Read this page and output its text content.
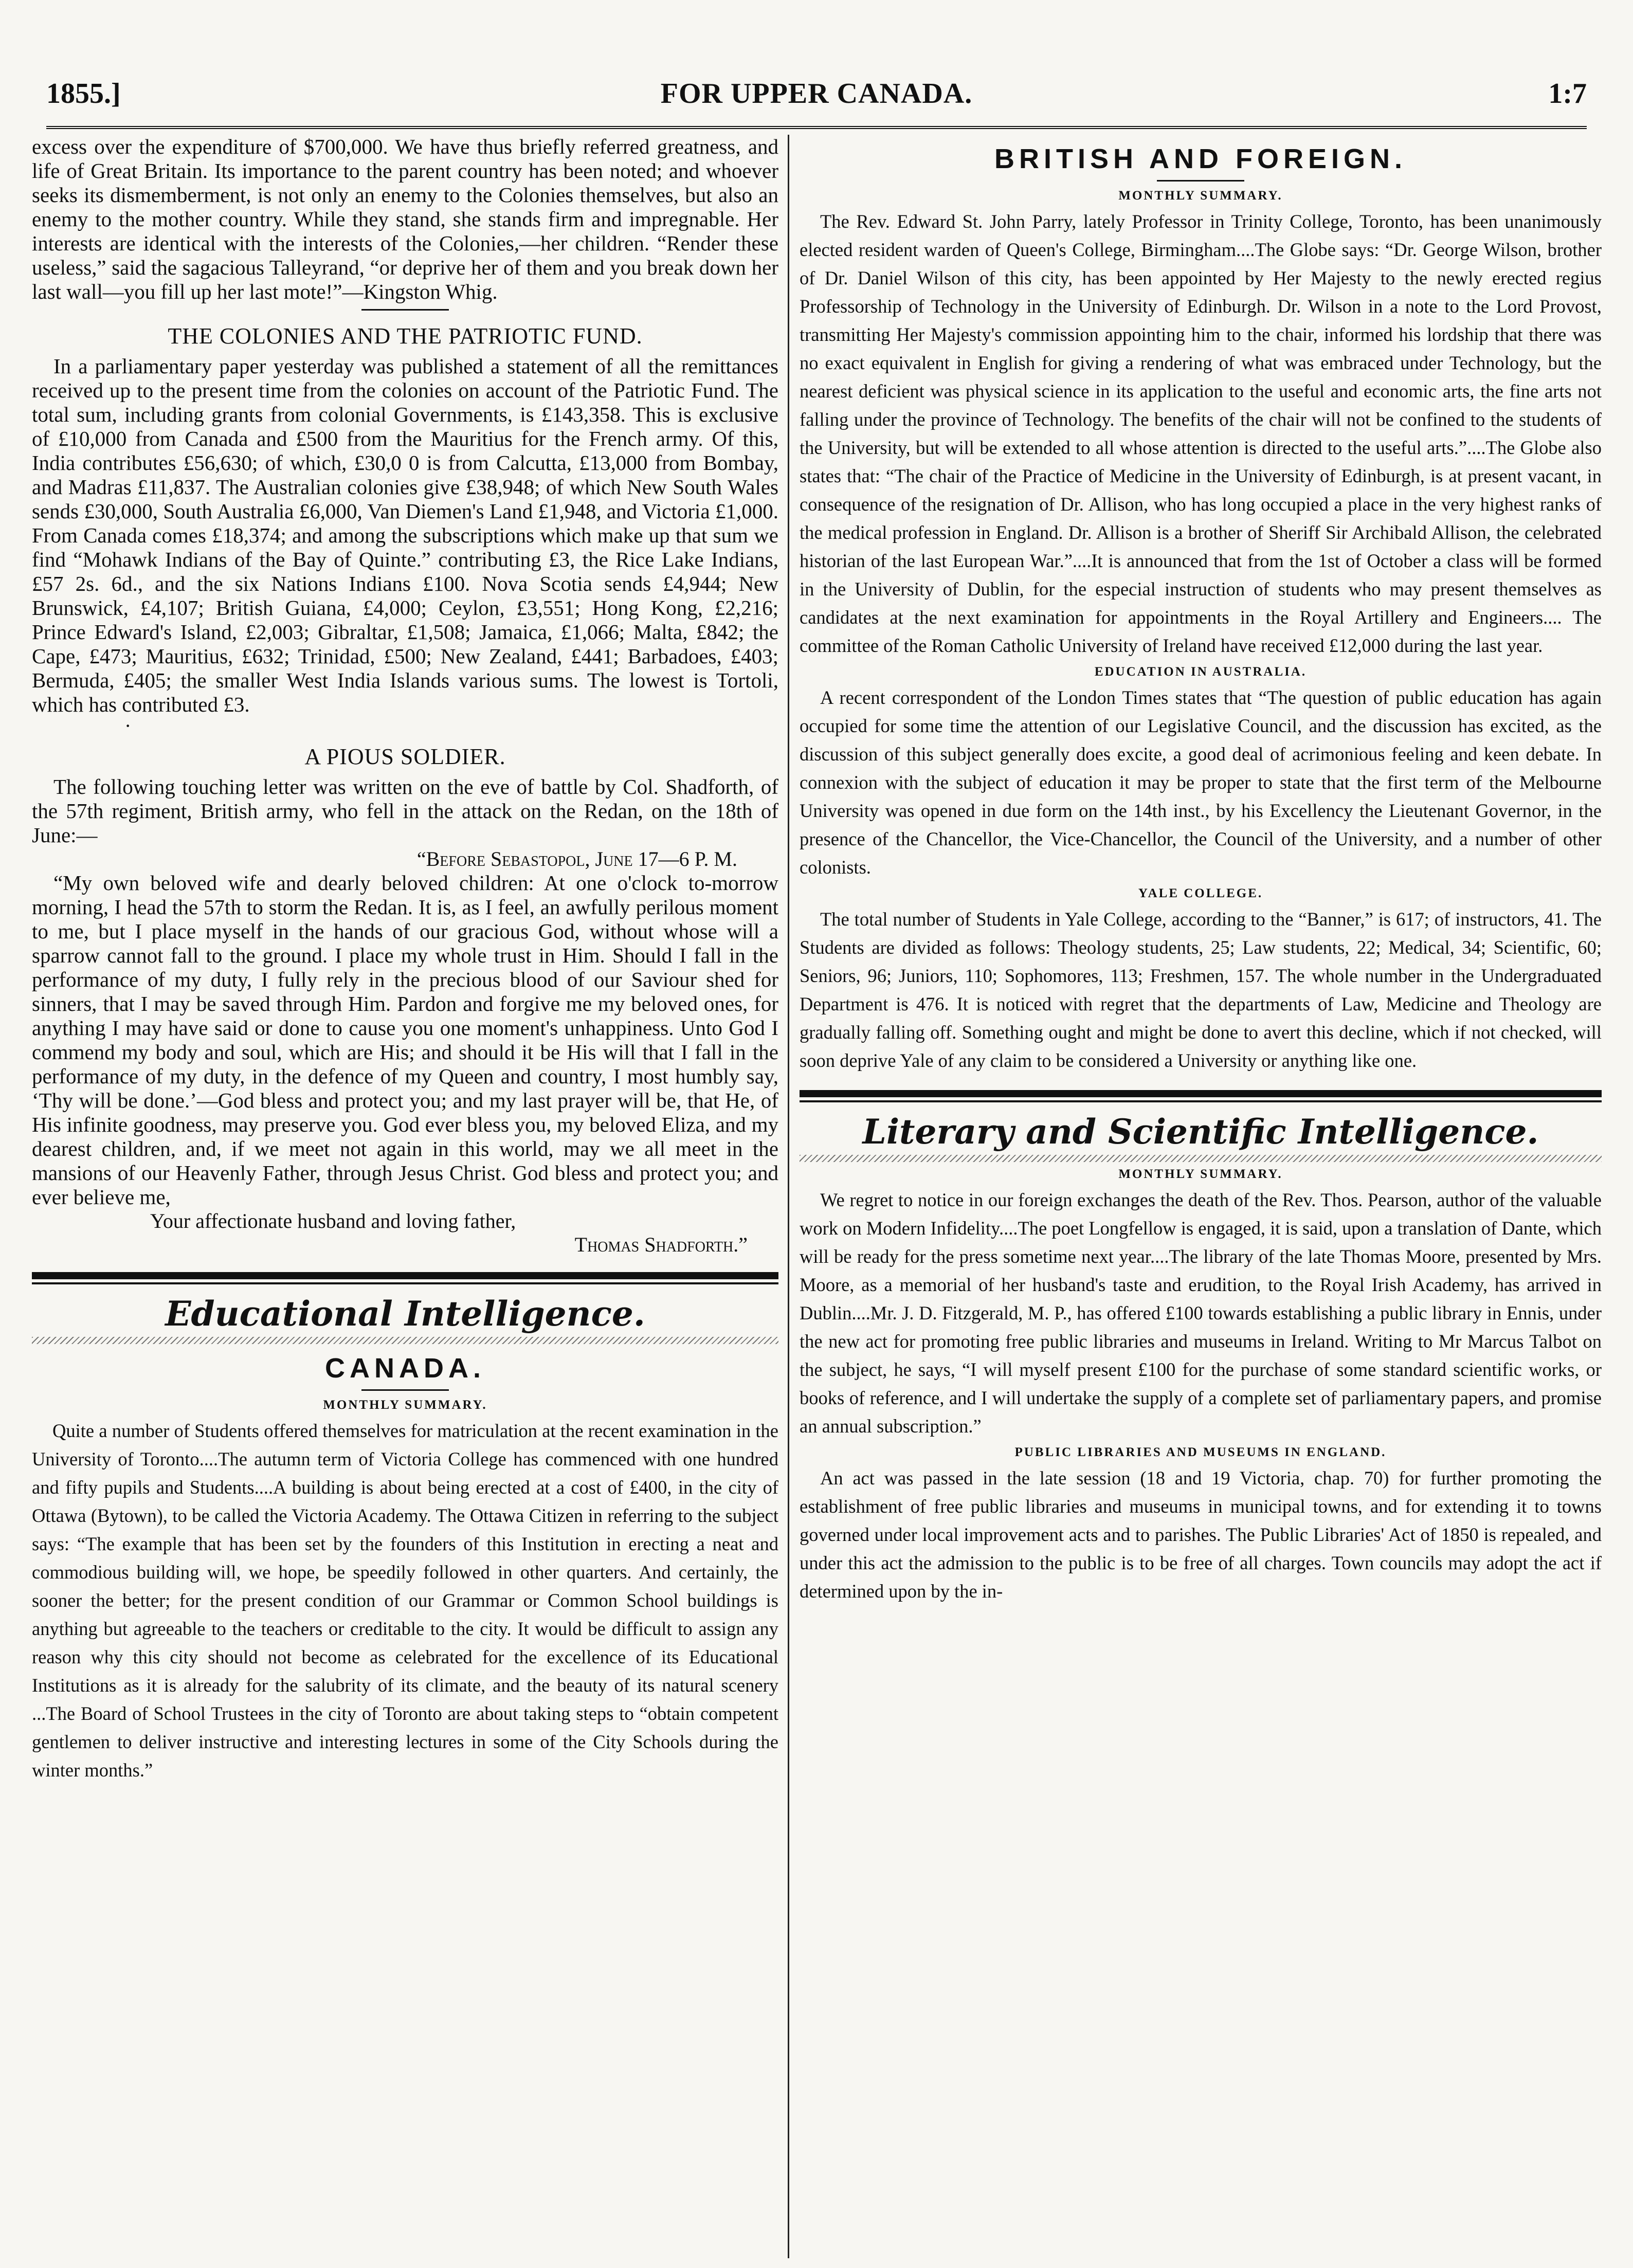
1855.]	FOR UPPER CANADA.	1:7

excess over the expenditure of $700,000. We have thus briefly referred greatness, and life of Great Britain. Its importance to the parent country has been noted; and whoever seeks its dismemberment, is not only an enemy to the Colonies themselves, but also an enemy to the mother country. While they stand, she stands firm and impregnable. Her interests are identical with the interests of the Colonies,—her children. “Render these useless,” said the sagacious Talleyrand, “or deprive her of them and you break down her last wall—you fill up her last mote!”—Kingston Whig.

THE COLONIES AND THE PATRIOTIC FUND.

In a parliamentary paper yesterday was published a statement of all the remittances received up to the present time from the colonies on account of the Patriotic Fund. The total sum, including grants from colonial Governments, is £143,358. This is exclusive of £10,000 from Canada and £500 from the Mauritius for the French army. Of this, India contributes £56,630; of which, £30,0 0 is from Calcutta, £13,000 from Bombay, and Madras £11,837. The Australian colonies give £38,948; of which New South Wales sends £30,000, South Australia £6,000, Van Diemen's Land £1,948, and Victoria £1,000. From Canada comes £18,374; and among the subscriptions which make up that sum we find “Mohawk Indians of the Bay of Quinte.” contributing £3, the Rice Lake Indians, £57 2s. 6d., and the six Nations Indians £100. Nova Scotia sends £4,944; New Brunswick, £4,107; British Guiana, £4,000; Ceylon, £3,551; Hong Kong, £2,216; Prince Edward's Island, £2,003; Gibraltar, £1,508; Jamaica, £1,066; Malta, £842; the Cape, £473; Mauritius, £632; Trinidad, £500; New Zealand, £441; Barbadoes, £403; Bermuda, £405; the smaller West India Islands various sums. The lowest is Tortoli, which has contributed £3.

·
A PIOUS SOLDIER.

The following touching letter was written on the eve of battle by Col. Shadforth, of the 57th regiment, British army, who fell in the attack on the Redan, on the 18th of June:—

“Before Sebastopol, June 17—6 P. M.

“My own beloved wife and dearly beloved children: At one o'clock to-morrow morning, I head the 57th to storm the Redan. It is, as I feel, an awfully perilous moment to me, but I place myself in the hands of our gracious God, without whose will a sparrow cannot fall to the ground. I place my whole trust in Him. Should I fall in the performance of my duty, I fully rely in the precious blood of our Saviour shed for sinners, that I may be saved through Him. Pardon and forgive me my beloved ones, for anything I may have said or done to cause you one moment's unhappiness. Unto God I commend my body and soul, which are His; and should it be His will that I fall in the performance of my duty, in the defence of my Queen and country, I most humbly say, ‘Thy will be done.’—God bless and protect you; and my last prayer will be, that He, of His infinite goodness, may preserve you. God ever bless you, my beloved Eliza, and my dearest children, and, if we meet not again in this world, may we all meet in the mansions of our Heavenly Father, through Jesus Christ. God bless and protect you; and ever believe me,

Your affectionate husband and loving father,

Thomas Shadforth.”

Educational Intelligence.
CANADA.
MONTHLY SUMMARY.

Quite a number of Students offered themselves for matriculation at the recent examination in the University of Toronto....The autumn term of Victoria College has commenced with one hundred and fifty pupils and Students....A building is about being erected at a cost of £400, in the city of Ottawa (Bytown), to be called the Victoria Academy. The Ottawa Citizen in referring to the subject says: “The example that has been set by the founders of this Institution in erecting a neat and commodious building will, we hope, be speedily followed in other quarters. And certainly, the sooner the better; for the present condition of our Grammar or Common School buildings is anything but agreeable to the teachers or creditable to the city. It would be difficult to assign any reason why this city should not become as celebrated for the excellence of its Educational Institutions as it is already for the salubrity of its climate, and the beauty of its natural scenery ...The Board of School Trustees in the city of Toronto are about taking steps to “obtain competent gentlemen to deliver instructive and interesting lectures in some of the City Schools during the winter months.”

BRITISH AND FOREIGN.
MONTHLY SUMMARY.

The Rev. Edward St. John Parry, lately Professor in Trinity College, Toronto, has been unanimously elected resident warden of Queen's College, Birmingham....The Globe says: “Dr. George Wilson, brother of Dr. Daniel Wilson of this city, has been appointed by Her Majesty to the newly erected regius Professorship of Technology in the University of Edinburgh. Dr. Wilson in a note to the Lord Provost, transmitting Her Majesty's commission appointing him to the chair, informed his lordship that there was no exact equivalent in English for giving a rendering of what was embraced under Technology, but the nearest deficient was physical science in its application to the useful and economic arts, the fine arts not falling under the province of Technology. The benefits of the chair will not be confined to the students of the University, but will be extended to all whose attention is directed to the useful arts.”....The Globe also states that: “The chair of the Practice of Medicine in the University of Edinburgh, is at present vacant, in consequence of the resignation of Dr. Allison, who has long occupied a place in the very highest ranks of the medical profession in England. Dr. Allison is a brother of Sheriff Sir Archibald Allison, the celebrated historian of the last European War.”....It is announced that from the 1st of October a class will be formed in the University of Dublin, for the especial instruction of students who may present themselves as candidates at the next examination for appointments in the Royal Artillery and Engineers.... The committee of the Roman Catholic University of Ireland have received £12,000 during the last year.

EDUCATION IN AUSTRALIA.

A recent correspondent of the London Times states that “The question of public education has again occupied for some time the attention of our Legislative Council, and the discussion has excited, as the discussion of this subject generally does excite, a good deal of acrimonious feeling and keen debate. In connexion with the subject of education it may be proper to state that the first term of the Melbourne University was opened in due form on the 14th inst., by his Excellency the Lieutenant Governor, in the presence of the Chancellor, the Vice-Chancellor, the Council of the University, and a number of other colonists.

YALE COLLEGE.

The total number of Students in Yale College, according to the “Banner,” is 617; of instructors, 41. The Students are divided as follows: Theology students, 25; Law students, 22; Medical, 34; Scientific, 60; Seniors, 96; Juniors, 110; Sophomores, 113; Freshmen, 157. The whole number in the Undergraduated Department is 476. It is noticed with regret that the departments of Law, Medicine and Theology are gradually falling off. Something ought and might be done to avert this decline, which if not checked, will soon deprive Yale of any claim to be considered a University or anything like one.

Literary and Scientific Intelligence.
MONTHLY SUMMARY.

We regret to notice in our foreign exchanges the death of the Rev. Thos. Pearson, author of the valuable work on Modern Infidelity....The poet Longfellow is engaged, it is said, upon a translation of Dante, which will be ready for the press sometime next year....The library of the late Thomas Moore, presented by Mrs. Moore, as a memorial of her husband's taste and erudition, to the Royal Irish Academy, has arrived in Dublin....Mr. J. D. Fitzgerald, M. P., has offered £100 towards establishing a public library in Ennis, under the new act for promoting free public libraries and museums in Ireland. Writing to Mr Marcus Talbot on the subject, he says, “I will myself present £100 for the purchase of some standard scientific works, or books of reference, and I will undertake the supply of a complete set of parliamentary papers, and promise an annual subscription.”

PUBLIC LIBRARIES AND MUSEUMS IN ENGLAND.

An act was passed in the late session (18 and 19 Victoria, chap. 70) for further promoting the establishment of free public libraries and museums in municipal towns, and for extending it to towns governed under local improvement acts and to parishes. The Public Libraries' Act of 1850 is repealed, and under this act the admission to the public is to be free of all charges. Town councils may adopt the act if determined upon by the in-
